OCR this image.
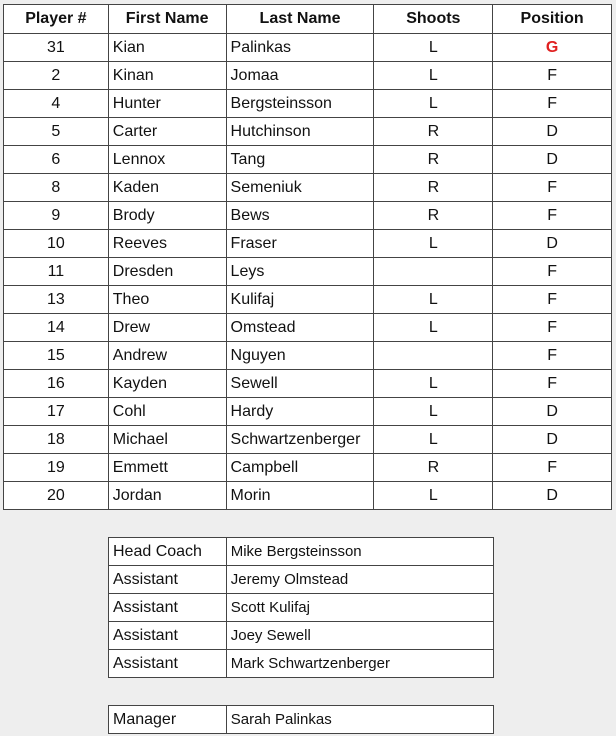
Player #	First Name	Last Name	Shoots	Position
31	Kian	Palinkas	L	G
2	Kinan	Jomaa	L	F
4	Hunter	Bergsteinsson	L	F
5	Carter	Hutchinson	R	D
6	Lennox	Tang	R	D
8	Kaden	Semeniuk	R	F
9	Brody	Bews	R	F
10	Reeves	Fraser	L	D
11	Dresden	Leys		F
13	Theo	Kulifaj	L	F
14	Drew	Omstead	L	F
15	Andrew	Nguyen		F
16	Kayden	Sewell	L	F
17	Cohl	Hardy	L	D
18	Michael	Schwartzenberger	L	D
19	Emmett	Campbell	R	F
20	Jordan	Morin	L	D
Head Coach	Mike Bergsteinsson
Assistant	Jeremy Olmstead
Assistant	Scott Kulifaj
Assistant	Joey Sewell
Assistant	Mark Schwartzenberger
Manager	Sarah Palinkas
